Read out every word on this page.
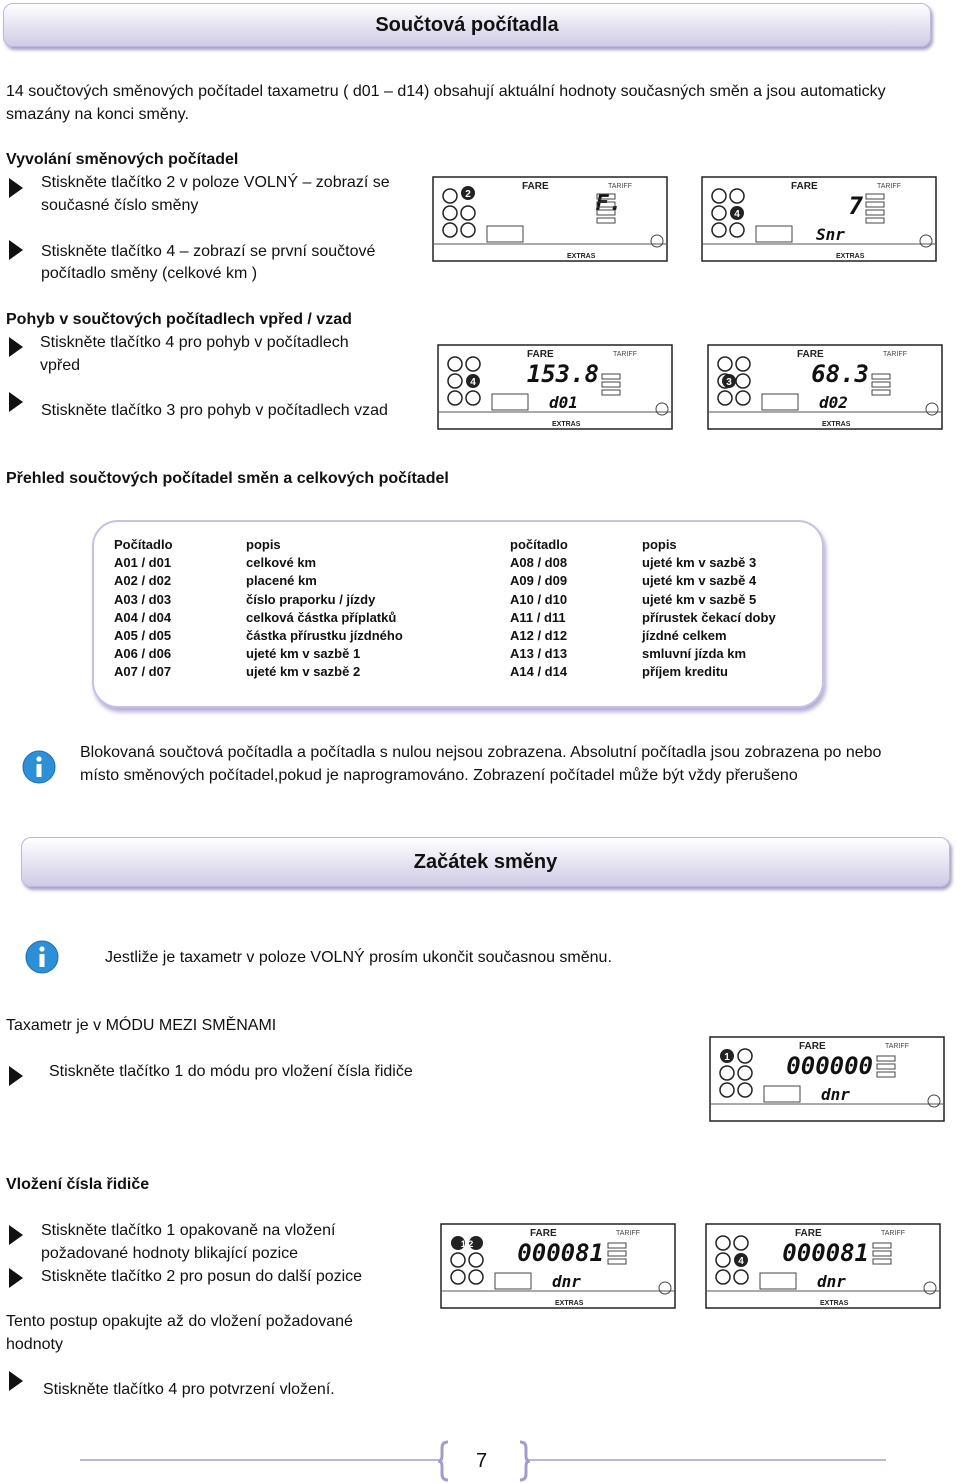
Součtová počítadla
14 součtových směnových počítadel taxametru ( d01 – d14) obsahují aktuální hodnoty současných směn a jsou automaticky
smazány na konci směny.
Vyvolání směnových počítadel
Stiskněte tlačítko 2 v poloze VOLNÝ – zobrazí se
současné číslo směny
Stiskněte tlačítko 4 – zobrazí se první součtové
počítadlo směny (celkové km )
Pohyb v součtových počítadlech vpřed / vzad
Stiskněte tlačítko 4 pro pohyb v počítadlech
vpřed
Stiskněte tlačítko 3 pro pohyb v počítadlech vzad
2
FARE	TARIFF
F.
EXTRAS
4
FARE	TARIFF
7
Snr
EXTRAS
4
FARE	TARIFF
153.8
d01
EXTRAS
3
FARE	TARIFF
68.3
d02
EXTRAS
Přehled součtových počítadel směn a celkových počítadel
Počítadlo	popis	počítadlo	popis
A01 / d01	celkové km	A08 / d08	ujeté km v sazbě 3
A02 / d02	placené km	A09 / d09	ujeté km v sazbě 4
A03 / d03	číslo praporku / jízdy	A10 / d10	ujeté km v sazbě 5
A04 / d04	celková částka příplatků	A11 / d11	přírustek čekací doby
A05 / d05	částka přírustku jízdného	A12 / d12	jízdné celkem
A06 / d06	ujeté km v sazbě 1	A13 / d13	smluvní jízda km
A07 / d07	ujeté km v sazbě 2	A14 / d14	příjem kreditu
Blokovaná součtová počítadla a počítadla s nulou nejsou zobrazena. Absolutní počítadla jsou zobrazena po nebo
místo směnových počítadel,pokud je naprogramováno. Zobrazení počítadel může být vždy přerušeno
Začátek směny
Jestliže je taxametr v poloze VOLNÝ prosím ukončit současnou směnu.
Taxametr je v MÓDU MEZI SMĚNAMI
Stiskněte tlačítko 1 do módu pro vložení čísla řidiče
1
FARE	TARIFF
000000
dnr
Vložení čísla řidiče
Stiskněte tlačítko 1 opakovaně na vložení
požadované hodnoty blikající pozice
Stiskněte tlačítko 2 pro posun do další pozice
Tento postup opakujte až do vložení požadované
hodnoty
Stiskněte tlačítko 4 pro potvrzení vložení.
1 2
FARE	TARIFF
000081
dnr
EXTRAS
4
FARE	TARIFF
000081
dnr
EXTRAS
7
